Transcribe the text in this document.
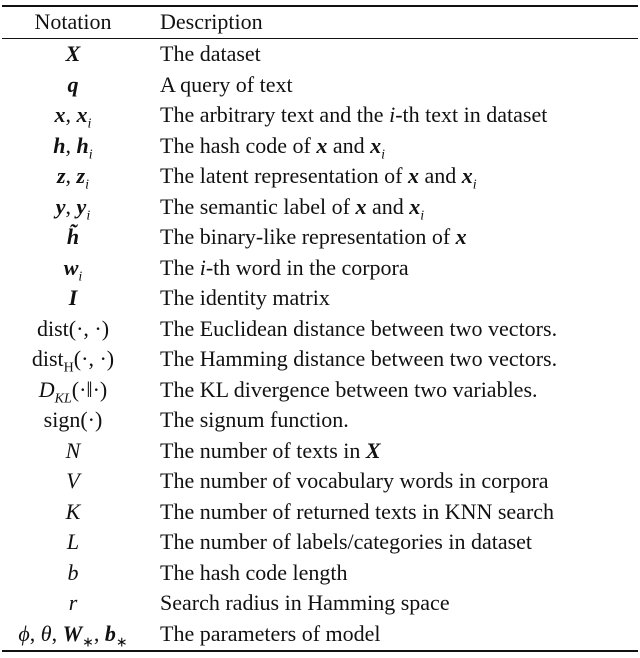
Notation	Description
X	The dataset
q	A query of text
x, $x_i$	The arbitrary text and the i-th text in dataset
h, $h_i$	The hash code of x and $x_i$
z, $z_i$	The latent representation of x and $x_i$
y, $y_i$	The semantic label of x and $x_i$
h̃	The binary-like representation of x
$w_i$	The i-th word in the corpora
I	The identity matrix
dist(·, ·)	The Euclidean distance between two vectors.
dist$_H$(·, ·)	The Hamming distance between two vectors.
$D_{KL}(\cdot‖\cdot)$	The KL divergence between two variables.
sign(·)	The signum function.
N	The number of texts in X
V	The number of vocabulary words in corpora
K	The number of returned texts in KNN search
L	The number of labels/categories in dataset
b	The hash code length
r	Search radius in Hamming space
ϕ, θ, $W_∗$, $b_∗$	The parameters of model
